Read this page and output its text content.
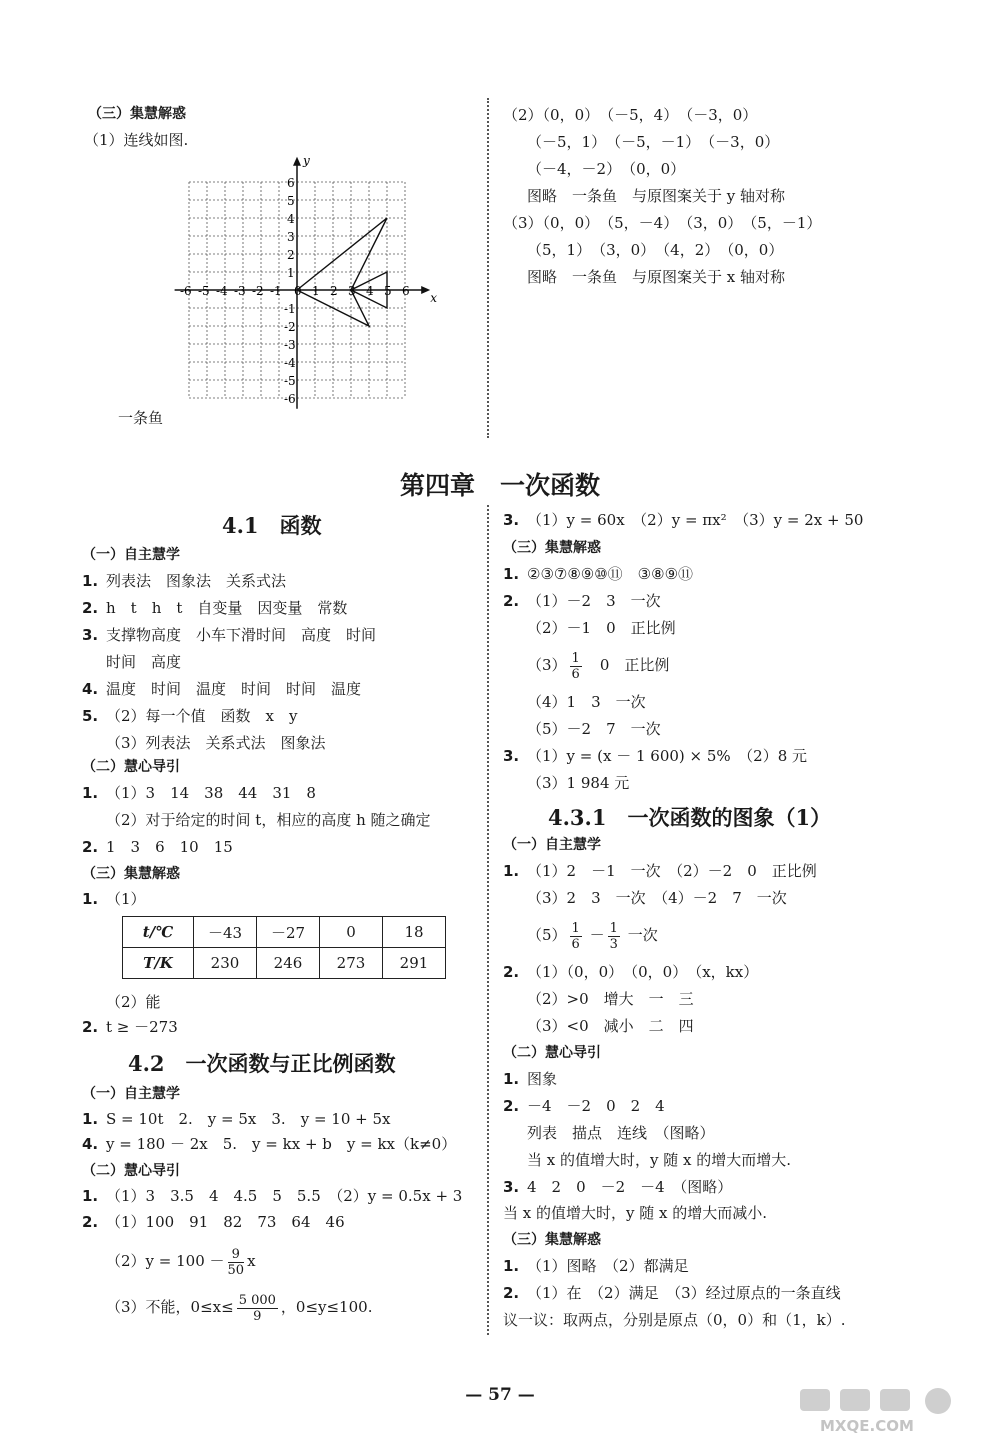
（三）集慧解惑
（1）连线如图.
x
y
-6 -5 -4 -3 -2 -1 0 1 2 3 4 5 6
6
5
4
3
2
1
-1
-2
-3
-4
-5
-6
一条鱼
（2）（0，0）　（－5，4）　（－3，0）
（－5，1）　（－5，－1）　（－3，0）
（－4，－2）　（0，0）
图略　一条鱼　与原图案关于 y 轴对称
（3）（0，0）　（5，－4）　（3，0）　（5，－1）
（5，1）　（3，0）　（4，2）　（0，0）
图略　一条鱼　与原图案关于 x 轴对称
第四章　一次函数
4.1　函数
（一）自主慧学
1. 列表法　图象法　关系式法
2. h　t　h　t　自变量　因变量　常数
3. 支撑物高度　小车下滑时间　高度　时间
时间　高度
4. 温度　时间　温度　时间　时间　温度
5. （2）每一个值　函数　x　y
（3）列表法　关系式法　图象法
（二）慧心导引
1. （1）3　14　38　44　31　8
（2）对于给定的时间 t，相应的高度 h 随之确定
2. 1　3　6　10　15
（三）集慧解惑
1. （1）
t/℃	－43	－27	0	18
T/K	230	246	273	291
（2）能
2. t ≥ －273
4.2　一次函数与正比例函数
（一）自主慧学
1. S = 10t　2.　y = 5x　3.　y = 10 + 5x
4. y = 180 － 2x　5.　y = kx + b　y = kx（k≠0）
（二）慧心导引
1. （1）3　3.5　4　4.5　5　5.5　（2）y = 0.5x + 3
2. （1）100　91　82　73　64　46
$(2)y = 100 - \frac{9}{50}$ x
（3）不能，$0\le x\le \frac{5 000}{9}$ ，0≤y≤100.
3. （1）y = 60x　（2）y = πx²　（3）y = 2x + 50
（三）集慧解惑
1. ②③⑦⑧⑨⑩⑪　③⑧⑨⑪
2. （1）－2　3　一次
（2）－1　0　正比例
$(3) \frac{1}{6}$
　 0　正比例
（4）1　3　一次
（5）－2　7　一次
3. （1）y = (x － 1 600) × 5%　（2）8 元
（3）1 984 元
4.3.1　一次函数的图象（1）
（一）自主慧学
1. （1）2　－1　一次　（2）－2　0　正比例
（3）2　3　一次　（4）－2　7　一次
$(5) \frac{1}{6} - \frac{1}{3}$ 一次
2. （1）（0，0）　（0，0）　（x，kx）
（2）>0　增大　一　三
（3）<0　减小　二　四
（二）慧心导引
1. 图象
2. －4　－2　0　2　4
列表　描点　连线　（图略）
当 x 的值增大时，y 随 x 的增大而增大.
3. 4　2　0　－2　－4　（图略）
当 x 的值增大时，y 随 x 的增大而减小.
（三）集慧解惑
1. （1）图略　（2）都满足
2. （1）在　（2）满足　（3）经过原点的一条直线
议一议：取两点，分别是原点（0，0）和（1，k）.
— 57 —
MXQE.COM
